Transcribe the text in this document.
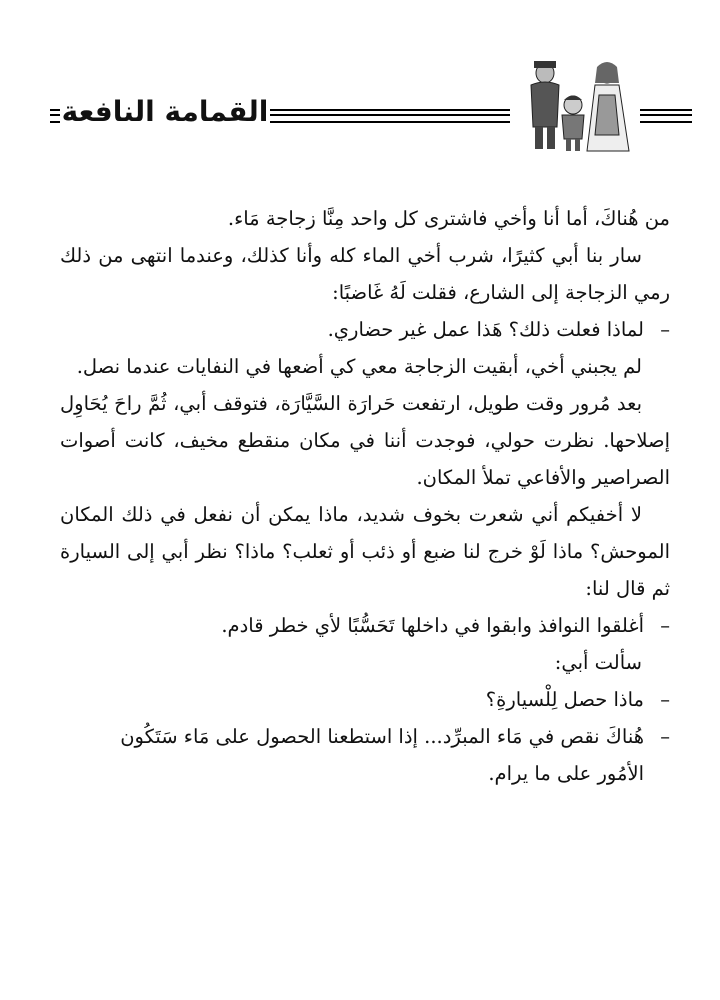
القمامة النافعة

من هُناكَ، أما أنا وأخي فاشترى كل واحد مِنَّا زجاجة مَاء.

سار بنا أبي كثيرًا، شرب أخي الماء كله وأنا كذلك، وعندما انتهى من ذلك رمي الزجاجة إلى الشارع، فقلت لَهُ غَاضبًا:

–لماذا فعلت ذلك؟ هَذا عمل غير حضاري.

لم يجبني أخي، أبقيت الزجاجة معي كي أضعها في النفايات عندما نصل.

بعد مُرور وقت طويل، ارتفعت حَرارَة السَّيَّارَة، فتوقف أبي، ثُمَّ راحَ يُحَاوِل إصلاحها. نظرت حولي، فوجدت أننا في مكان منقطع مخيف، كانت أصوات الصراصير والأفاعي تملأ المكان.

لا أخفيكم أني شعرت بخوف شديد، ماذا يمكن أن نفعل في ذلك المكان الموحش؟ ماذا لَوْ خرج لنا ضبع أو ذئب أو ثعلب؟ ماذا؟ نظر أبي إلى السيارة ثم قال لنا:

–أغلقوا النوافذ وابقوا في داخلها تَحَسُّبًا لأي خطر قادم.

سألت أبي:

–ماذا حصل لِلْسيارةِ؟

–هُناكَ نقص في مَاء المبرِّد... إذا استطعنا الحصول على مَاء سَتَكُون

الأمُور على ما يرام.
